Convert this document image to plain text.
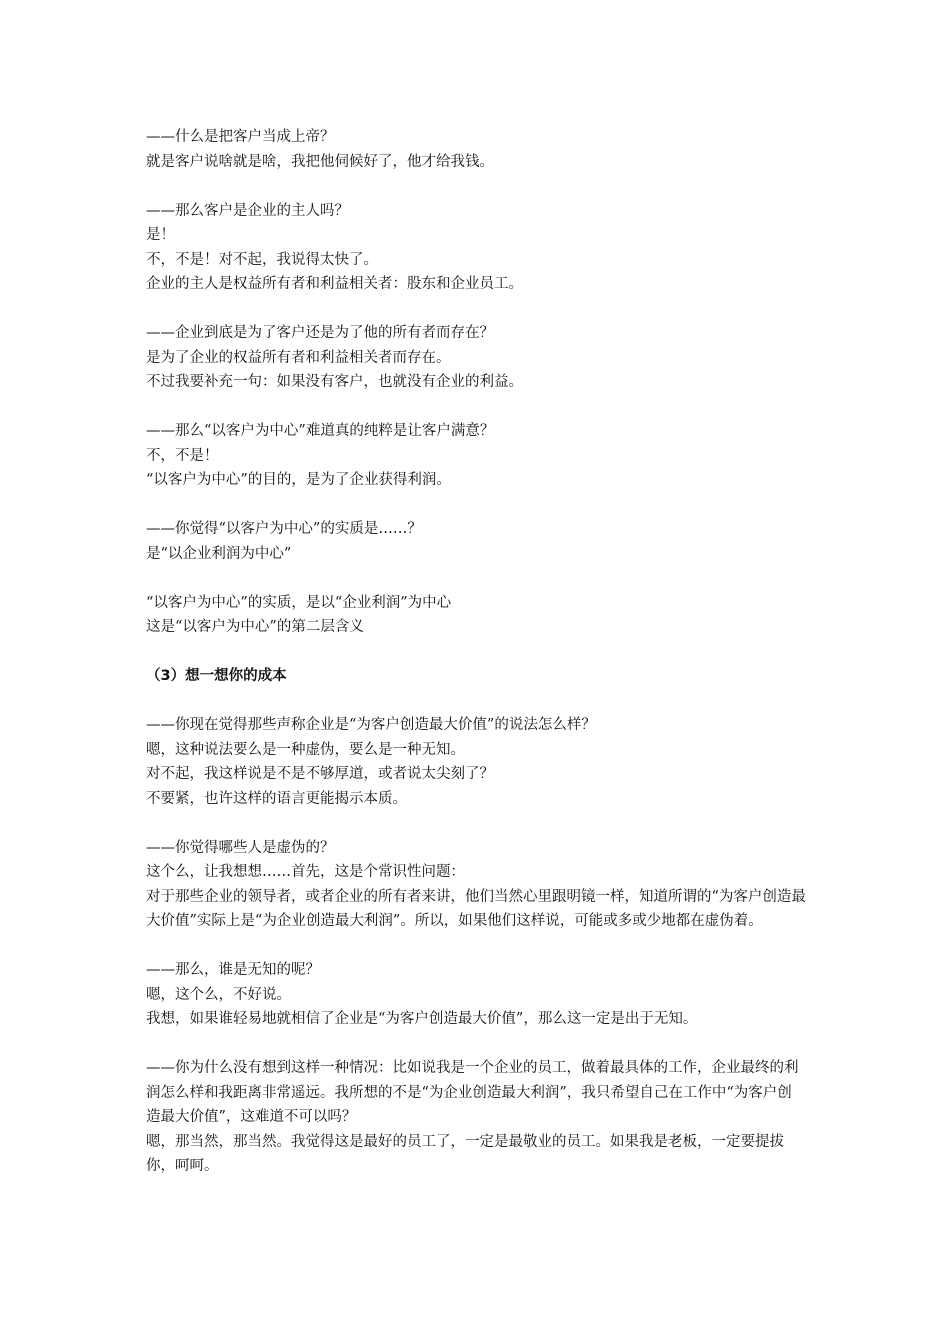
——什么是把客户当成上帝？
就是客户说啥就是啥，我把他伺候好了，他才给我钱。
——那么客户是企业的主人吗？
是！
不，不是！对不起，我说得太快了。
企业的主人是权益所有者和利益相关者：股东和企业员工。
——企业到底是为了客户还是为了他的所有者而存在？
是为了企业的权益所有者和利益相关者而存在。
不过我要补充一句：如果没有客户，也就没有企业的利益。
——那么“以客户为中心”难道真的纯粹是让客户满意？
不，不是！
“以客户为中心”的目的，是为了企业获得利润。
——你觉得“以客户为中心”的实质是……？
是“以企业利润为中心”
“以客户为中心”的实质，是以“企业利润”为中心
这是“以客户为中心”的第二层含义
（3）想一想你的成本
——你现在觉得那些声称企业是“为客户创造最大价值”的说法怎么样？
嗯，这种说法要么是一种虚伪，要么是一种无知。
对不起，我这样说是不是不够厚道，或者说太尖刻了？
不要紧，也许这样的语言更能揭示本质。
——你觉得哪些人是虚伪的？
这个么，让我想想……首先，这是个常识性问题：
对于那些企业的领导者，或者企业的所有者来讲，他们当然心里跟明镜一样，知道所谓的“为客户创造最大价值”实际上是“为企业创造最大利润”。所以，如果他们这样说，可能或多或少地都在虚伪着。
——那么，谁是无知的呢？
嗯，这个么，不好说。
我想，如果谁轻易地就相信了企业是“为客户创造最大价值”，那么这一定是出于无知。
——你为什么没有想到这样一种情况：比如说我是一个企业的员工，做着最具体的工作，企业最终的利润怎么样和我距离非常遥远。我所想的不是“为企业创造最大利润”，我只希望自己在工作中“为客户创造最大价值”，这难道不可以吗？
嗯，那当然，那当然。我觉得这是最好的员工了，一定是最敬业的员工。如果我是老板，一定要提拔你，呵呵。
